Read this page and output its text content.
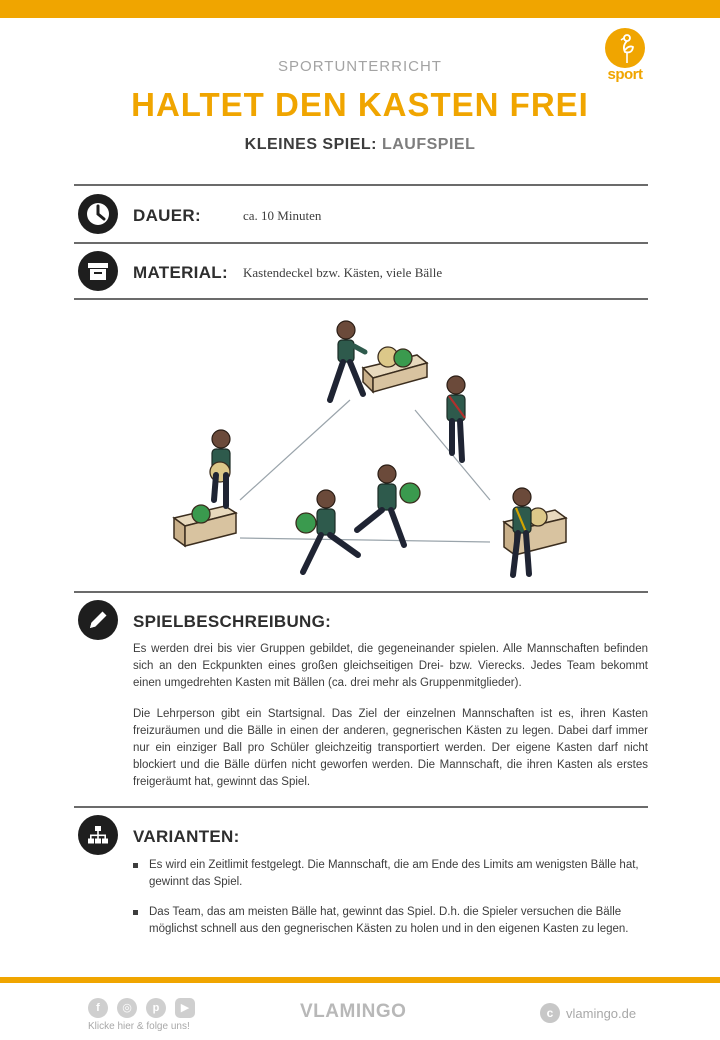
sport
SPORTUNTERRICHT
HALTET DEN KASTEN FREI
KLEINES SPIEL: LAUFSPIEL
DAUER:	ca. 10 Minuten
MATERIAL: Kastendeckel bzw. Kästen, viele Bälle
SPIELBESCHREIBUNG:

Es werden drei bis vier Gruppen gebildet, die gegeneinander spielen. Alle Mannschaften befinden sich an den Eckpunkten eines großen gleichseitigen Drei- bzw. Vierecks. Jedes Team bekommt einen umgedrehten Kasten mit Bällen (ca. drei mehr als Gruppenmitglieder).

Die Lehrperson gibt ein Startsignal. Das Ziel der einzelnen Mannschaften ist es, ihren Kasten freizuräumen und die Bälle in einen der anderen, gegnerischen Kästen zu legen. Dabei darf immer nur ein einziger Ball pro Schüler gleichzeitig transportiert werden. Der eigene Kasten darf nicht blockiert und die Bälle dürfen nicht geworfen werden. Die Mannschaft, die ihren Kasten als erstes freigeräumt hat, gewinnt das Spiel.

VARIANTEN:
Es wird ein Zeitlimit festgelegt. Die Mannschaft, die am Ende des Limits am wenigsten Bälle hat, gewinnt das Spiel.
Das Team, das am meisten Bälle hat, gewinnt das Spiel. D.h. die Spieler versuchen die Bälle möglichst schnell aus den gegnerischen Kästen zu holen und in den eigenen Kasten zu legen.
f	◎	p	▶
Klicke hier & folge uns!
VLAMINGO	c vlamingo.de
